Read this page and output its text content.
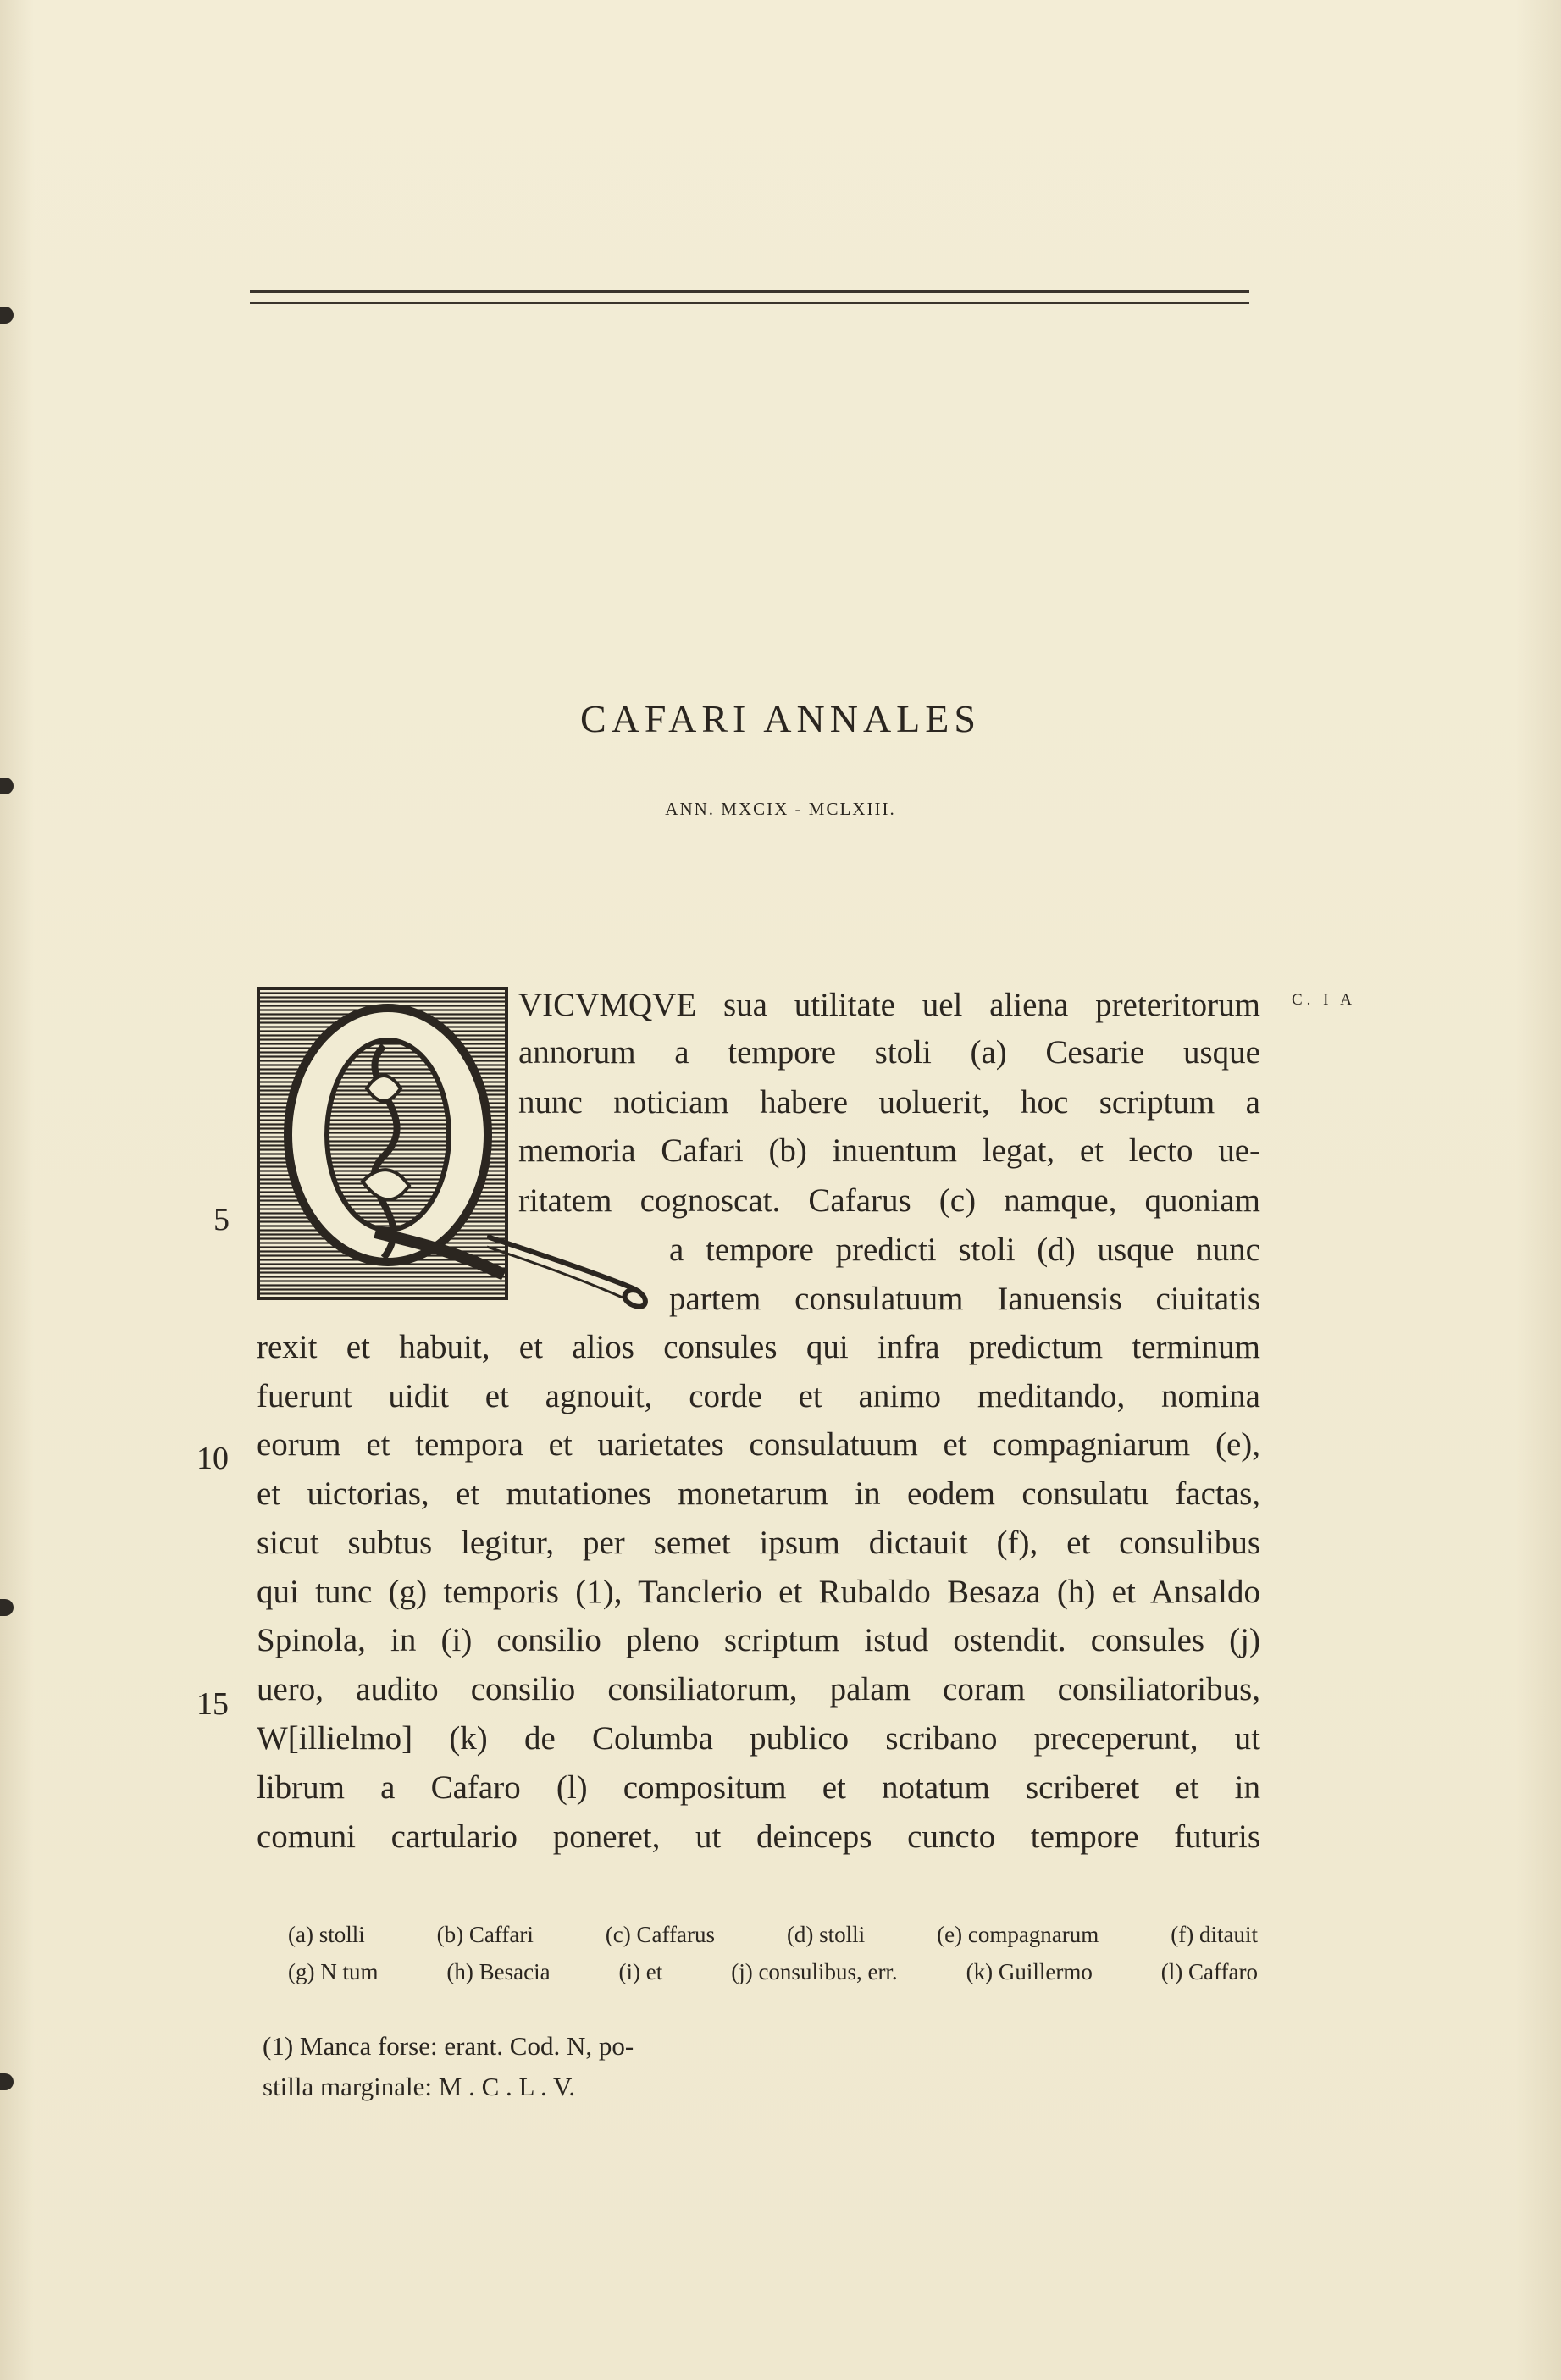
CAFARI ANNALES
ANN. MXCIX - MCLXIII.
C. I A
VICVMQVE sua utilitate uel aliena preteritorum
annorum a tempore stoli (a) Cesarie usque
nunc noticiam habere uoluerit, hoc scriptum a
memoria Cafari (b) inuentum legat, et lecto ue-
ritatem cognoscat. Cafarus (c) namque, quoniam
a tempore predicti stoli (d) usque nunc
partem consulatuum Ianuensis ciuitatis
rexit et habuit, et alios consules qui infra predictum terminum
fuerunt uidit et agnouit, corde et animo meditando, nomina
eorum et tempora et uarietates consulatuum et compagniarum (e),
et uictorias, et mutationes monetarum in eodem consulatu factas,
sicut subtus legitur, per semet ipsum dictauit (f), et consulibus
qui tunc (g) temporis (1), Tanclerio et Rubaldo Besaza (h) et Ansaldo
Spinola, in (i) consilio pleno scriptum istud ostendit. consules (j)
uero, audito consilio consiliatorum, palam coram consiliatoribus,
W[illielmo] (k) de Columba publico scribano preceperunt, ut
librum a Cafaro (l) compositum et notatum scriberet et in
comuni cartulario poneret, ut deinceps cuncto tempore futuris
5
10
15
(a) stolli	(b) Caffari	(c) Caffarus	(d) stolli	(e) compagnarum	(f) ditauit
(g) N tum	(h) Besacia	(i) et	(j) consulibus, err.	(k) Guillermo	(l) Caffaro
(1) Manca forse: erant. Cod. N, po-
stilla marginale: M . C . L . V.
